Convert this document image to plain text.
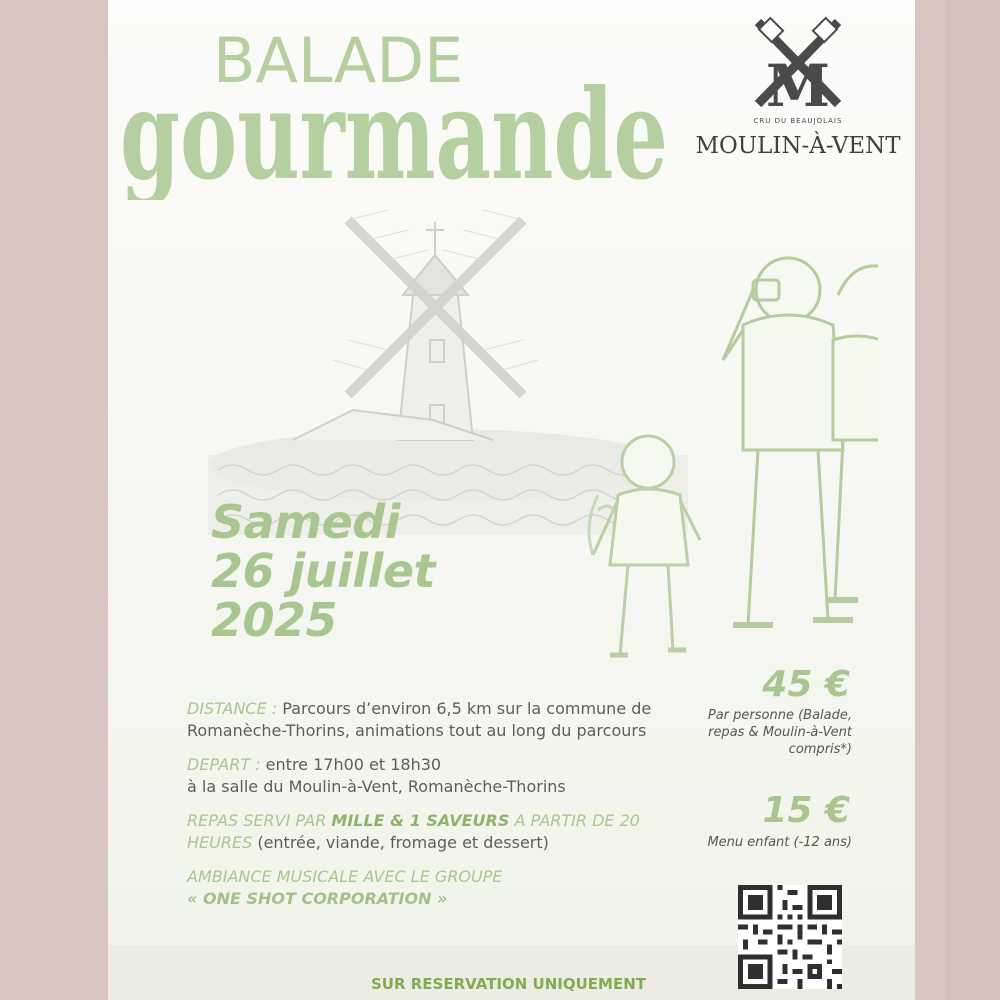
BALADE
gourmande M
CRU DU BEAUJOLAIS
MOULIN-À-VENT
Samedi
26 juillet
2025

DISTANCE : Parcours d’environ 6,5 km sur la commune de Romanèche-Thorins, animations tout au long du parcours

DEPART : entre 17h00 et 18h30
à la salle du Moulin-à-Vent, Romanèche-Thorins

REPAS SERVI PAR MILLE & 1 SAVEURS A PARTIR DE 20 HEURES (entrée, viande, fromage et dessert)

AMBIANCE MUSICALE AVEC LE GROUPE
« ONE SHOT CORPORATION »

45 €
Par personne (Balade, repas & Moulin-à-Vent compris*)
15 €
Menu enfant (-12 ans)
SUR RESERVATION UNIQUEMENT
